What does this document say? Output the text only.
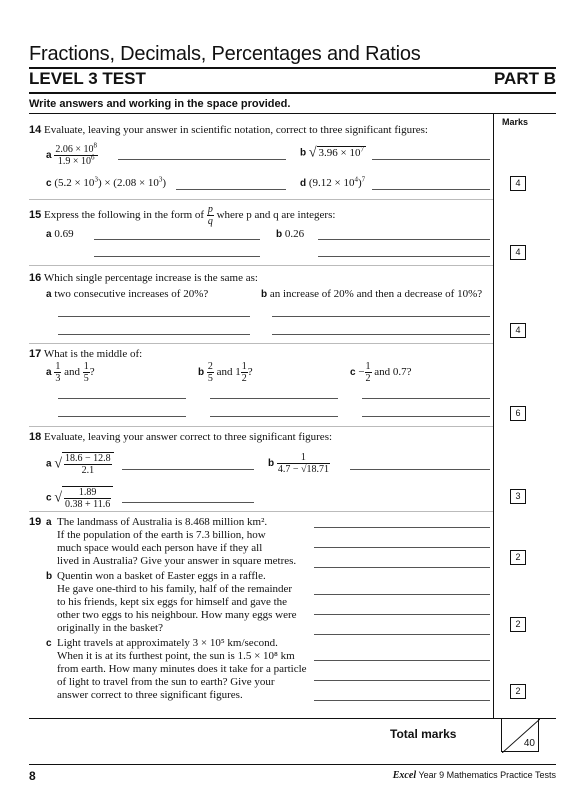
Fractions, Decimals, Percentages and Ratios
LEVEL 3 TEST	PART B
Write answers and working in the space provided.
Marks
14 Evaluate, leaving your answer in scientific notation, correct to three significant figures:
a $\frac{2.06 \times 10^8}{1.9 \times 10^6}$	b √ $3.96 \times 10^7$
c $(5.2 \times 10^3) \times (2.08 \times 10^3)$	d $(9.12 \times 10^4)^7$	4
15 Express the following in the form of $\frac{p}{q}$ where p and q are integers:
a 0.69	b 0.26
4
16 Which single percentage increase is the same as:
a two consecutive increases of 20%?	b an increase of 20% and then a decrease of 10%?
4
17 What is the middle of:
a $\frac{1}{3}$ and $\frac{1}{5}$ ?	b $\frac{2}{5}$ and $1 \frac{1}{2}$ ?	$c - \frac{1}{2}$ and 0.7?
6
18 Evaluate, leaving your answer correct to three significant figures:
a √ $\frac{18.6 - 12.8}{2.1}$	b $\frac{1}{4.7 - √18.71}$
c √ $\frac{1.89}{0.38 + 11.6}$	3
19 a The landmass of Australia is 8.468 million km².
If the population of the earth is 7.3 billion, how
much space would each person have if they all
lived in Australia? Give your answer in square metres.	2
b Quentin won a basket of Easter eggs in a raffle.
He gave one-third to his family, half of the remainder
to his friends, kept six eggs for himself and gave the
other two eggs to his neighbour. How many eggs were
originally in the basket?	2
c Light travels at approximately 3 × 10⁵ km/second.
When it is at its furthest point, the sun is 1.5 × 10⁸ km
from earth. How many minutes does it take for a particle
of light to travel from the sun to earth? Give your
answer correct to three significant figures.	2
Total marks
40
8	Excel Year 9 Mathematics Practice Tests
